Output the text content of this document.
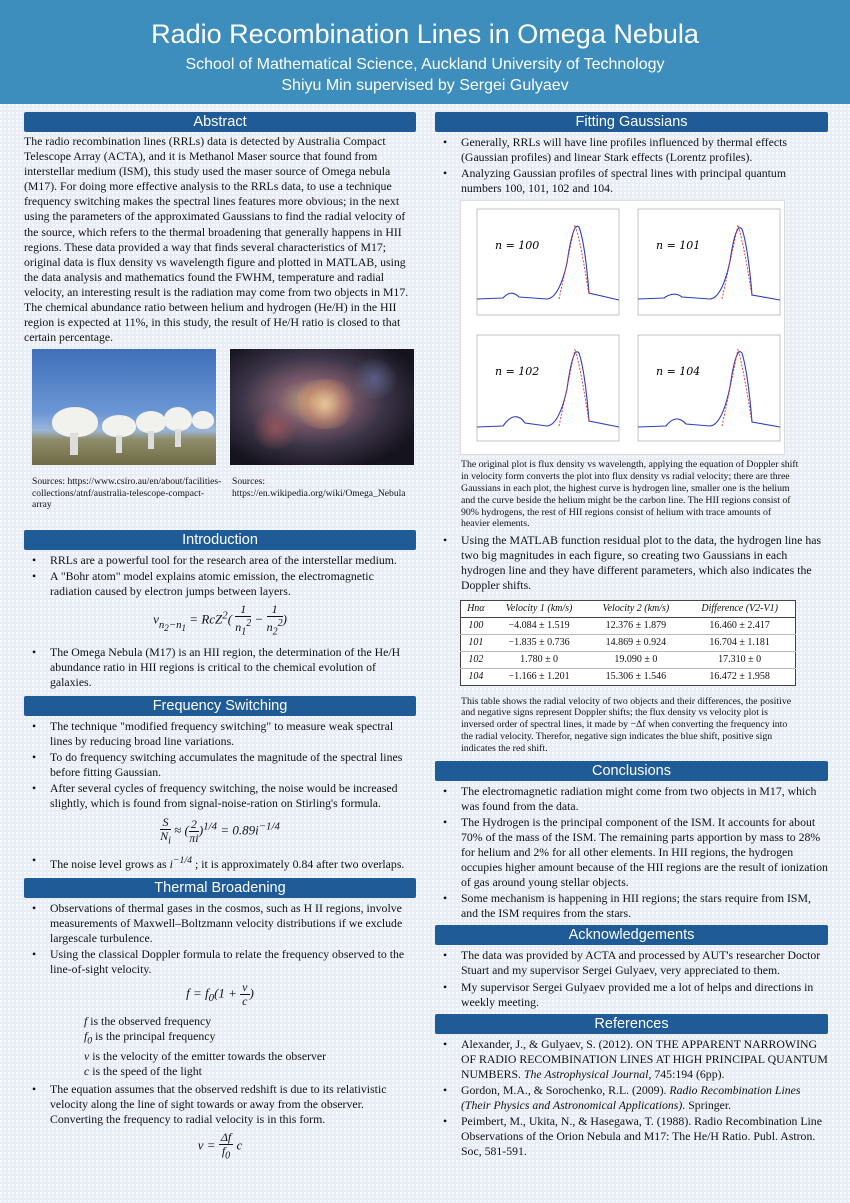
Radio Recombination Lines in Omega Nebula
School of Mathematical Science, Auckland University of Technology
Shiyu Min supervised by Sergei Gulyaev
Abstract

The radio recombination lines (RRLs) data is detected by Australia Compact Telescope Array (ACTA), and it is Methanol Maser source that found from interstellar medium (ISM), this study used the maser source of Omega nebula (M17). For doing more effective analysis to the RRLs data, to use a technique frequency switching makes the spectral lines features more obvious; in the next using the parameters of the approximated Gaussians to find the radial velocity of the source, which refers to the thermal broadening that generally happens in HII regions. These data provided a way that finds several characteristics of M17; original data is flux density vs wavelength figure and plotted in MATLAB, using the data analysis and mathematics found the FWHM, temperature and radial velocity, an interesting result is the radiation may come from two objects in M17. The chemical abundance ratio between helium and hydrogen (He/H) in the HII region is expected at 11%, in this study, the result of He/H ratio is closed to that certain percentage.

Sources: https://www.csiro.au/en/about/facilities-collections/atnf/australia-telescope-compact-array
Sources: https://en.wikipedia.org/wiki/Omega_Nebula
Introduction
• RRLs are a powerful tool for the research area of the interstellar medium.
• A "Bohr atom" model explains atomic emission, the electromagnetic radiation caused by electron jumps between layers.
$\nu_{n_2-n_1} = RcZ^2( \frac{1}{n_1^2} - \frac{1}{n_2^2}$ )
• The Omega Nebula (M17) is an HII region, the determination of the He/H abundance ratio in HII regions is critical to the chemical evolution of galaxies.
Frequency Switching
• The technique "modified frequency switching" to measure weak spectral lines by reducing broad line variations.
• To do frequency switching accumulates the magnitude of the spectral lines before fitting Gaussian.
• After several cycles of frequency switching, the noise would be increased slightly, which is found from signal-noise-ration on Stirling's formula.
$\frac{S}{N_i}$ ≈ ( $\frac{2}{\pi i} )^{1/4} = 0.89i^{-1/4}$
• The noise level grows as $i^{-1/4}$ ; it is approximately 0.84 after two overlaps.
Thermal Broadening
• Observations of thermal gases in the cosmos, such as H II regions, involve measurements of Maxwell–Boltzmann velocity distributions if we exclude largescale turbulence.
• Using the classical Doppler formula to relate the frequency observed to the line-of-sight velocity.
$f = f_0(1 + \frac{v}{c}$ )
f is the observed frequency
$f_0$ is the principal frequency
v is the velocity of the emitter towards the observer
c is the speed of the light
• The equation assumes that the observed redshift is due to its relativistic velocity along the line of sight towards or away from the observer. Converting the frequency to radial velocity is in this form.
$v = \frac{\Delta f}{f_0}$ c
Fitting Gaussians
• Generally, RRLs will have line profiles influenced by thermal effects (Gaussian profiles) and linear Stark effects (Lorentz profiles).
• Analyzing Gaussian profiles of spectral lines with principal quantum numbers 100, 101, 102 and 104.
n = 100	n = 101
n = 102	n = 104
The original plot is flux density vs wavelength, applying the equation of Doppler shift in velocity form converts the plot into flux density vs radial velocity; there are three Gaussians in each plot, the highest curve is hydrogen line, smaller one is the helium and the curve beside the helium might be the carbon line. The HII regions consist of 90% hydrogens, the rest of HII regions consist of helium with trace amounts of heavier elements.
• Using the MATLAB function residual plot to the data, the hydrogen line has two big magnitudes in each figure, so creating two Gaussians in each hydrogen line and they have different parameters, which also indicates the Doppler shifts.
Hnα	Velocity 1 (km/s)	Velocity 2 (km/s)	Difference (V2-V1)
100	−4.084 ± 1.519	12.376 ± 1.879	16.460 ± 2.417
101	−1.835 ± 0.736	14.869 ± 0.924	16.704 ± 1.181
102	1.780 ± 0	19.090 ± 0	17.310 ± 0
104	−1.166 ± 1.201	15.306 ± 1.546	16.472 ± 1.958
This table shows the radial velocity of two objects and their differences, the positive and negative signs represent Doppler shifts; the flux density vs velocity plot is inversed order of spectral lines, it made by −Δf when converting the frequency into the radial velocity. Therefor, negative sign indicates the blue shift, positive sign indicates the red shift.
Conclusions
• The electromagnetic radiation might come from two objects in M17, which was found from the data.
• The Hydrogen is the principal component of the ISM. It accounts for about 70% of the mass of the ISM. The remaining parts apportion by mass to 28% for helium and 2% for all other elements. In HII regions, the hydrogen occupies higher amount because of the HII regions are the result of ionization of gas around young stellar objects.
• Some mechanism is happening in HII regions; the stars require from ISM, and the ISM requires from the stars.
Acknowledgements
• The data was provided by ACTA and processed by AUT's researcher Doctor Stuart and my supervisor Sergei Gulyaev, very appreciated to them.
• My supervisor Sergei Gulyaev provided me a lot of helps and directions in weekly meeting.
References
• Alexander, J., & Gulyaev, S. (2012). ON THE APPARENT NARROWING OF RADIO RECOMBINATION LINES AT HIGH PRINCIPAL QUANTUM NUMBERS. The Astrophysical Journal, 745:194 (6pp).
• Gordon, M.A., & Sorochenko, R.L. (2009). Radio Recombination Lines (Their Physics and Astronomical Applications). Springer.
• Peimbert, M., Ukita, N., & Hasegawa, T. (1988). Radio Recombination Line Observations of the Orion Nebula and M17: The He/H Ratio. Publ. Astron. Soc, 581-591.
